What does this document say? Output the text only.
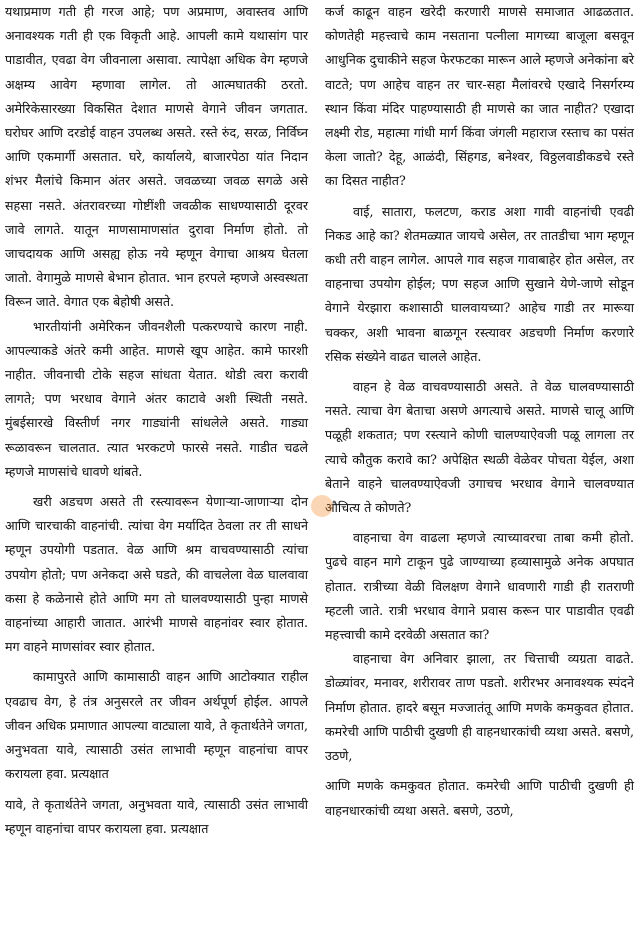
यथाप्रमाण गती ही गरज आहे; पण अप्रमाण, अवास्तव आणि अनावश्यक गती ही एक विकृती आहे. आपली कामे यथासांग पार पाडावीत, एवढा वेग जीवनाला असावा. त्यापेक्षा अधिक वेग म्हणजे अक्षम्य आवेग म्हणावा लागेल. तो आत्मघातकी ठरतो. अमेरिकेसारख्या विकसित देशात माणसे वेगाने जीवन जगतात. घरोघर आणि दरडोई वाहन उपलब्ध असते. रस्ते रुंद, सरळ, निर्विघ्न आणि एकमार्गी असतात. घरे, कार्यालये, बाजारपेठा यांत निदान शंभर मैलांचे किमान अंतर असते. जवळच्या जवळ सगळे असे सहसा नसते. अंतरावरच्या गोष्टींशी जवळीक साधण्यासाठी दूरवर जावे लागते. यातून माणसामाणसांत दुरावा निर्माण होतो. तो जाचदायक आणि असह्य होऊ नये म्हणून वेगाचा आश्रय घेतला जातो. वेगामुळे माणसे बेभान होतात. भान हरपले म्हणजे अस्वस्थता विरून जाते. वेगात एक बेहोषी असते.

भारतीयांनी अमेरिकन जीवनशैली पत्करण्याचे कारण नाही. आपल्याकडे अंतरे कमी आहेत. माणसे खूप आहेत. कामे फारशी नाहीत. जीवनाची टोके सहज सांधता येतात. थोडी त्वरा करावी लागते; पण भरधाव वेगाने अंतर काटावे अशी स्थिती नसते. मुंबईसारखे विस्तीर्ण नगर गाड्यांनी सांधलेले असते. गाड्या रूळावरून चालतात. त्यात भरकटणे फारसे नसते. गाडीत चढले म्हणजे माणसांचे धावणे थांबते.

खरी अडचण असते ती रस्त्यावरून येणाऱ्या-जाणाऱ्या दोन आणि चारचाकी वाहनांची. त्यांचा वेग मर्यादित ठेवला तर ती साधने म्हणून उपयोगी पडतात. वेळ आणि श्रम वाचवण्यासाठी त्यांचा उपयोग होतो; पण अनेकदा असे घडते, की वाचलेला वेळ घालवावा कसा हे कळेनासे होते आणि मग तो घालवण्यासाठी पुन्हा माणसे वाहनांच्या आहारी जातात. आरंभी माणसे वाहनांवर स्वार होतात. मग वाहने माणसांवर स्वार होतात.

कामापुरते आणि कामासाठी वाहन आणि आटोक्यात राहील एवढाच वेग, हे तंत्र अनुसरले तर जीवन अर्थपूर्ण होईल. आपले जीवन अधिक प्रमाणात आपल्या वाट्याला यावे, ते कृतार्थतेने जगता, अनुभवता यावे, त्यासाठी उसंत लाभावी म्हणून वाहनांचा वापर करायला हवा. प्रत्यक्षात

यावे, ते कृतार्थतेने जगता, अनुभवता यावे, त्यासाठी उसंत लाभावी म्हणून वाहनांचा वापर करायला हवा. प्रत्यक्षात

कर्ज काढून वाहन खरेदी करणारी माणसे समाजात आढळतात. कोणतेही महत्त्वाचे काम नसताना पत्नीला मागच्या बाजूला बसवून आधुनिक दुचाकीने सहज फेरफटका मारून आले म्हणजे अनेकांना बरे वाटते; पण आहेच वाहन तर चार-सहा मैलांवरचे एखादे निसर्गरम्य स्थान किंवा मंदिर पाहण्यासाठी ही माणसे का जात नाहीत? एखादा लक्ष्मी रोड, महात्मा गांधी मार्ग किंवा जंगली महाराज रस्ताच का पसंत केला जातो? देहू, आळंदी, सिंहगड, बनेश्वर, विठ्ठलवाडीकडचे रस्ते का दिसत नाहीत?

वाई, सातारा, फलटण, कराड अशा गावी वाहनांची एवढी निकड आहे का? शेतमळ्यात जायचे असेल, तर तातडीचा भाग म्हणून कधी तरी वाहन लागेल. आपले गाव सहज गावाबाहेर होत असेल, तर वाहनाचा उपयोग होईल; पण सहज आणि सुखाने येणे-जाणे सोडून वेगाने येरझारा कशासाठी घालवायच्या? आहेच गाडी तर मारूया चक्कर, अशी भावना बाळगून रस्त्यावर अडचणी निर्माण करणारे रसिक संख्येने वाढत चालले आहेत.

वाहन हे वेळ वाचवण्यासाठी असते. ते वेळ घालवण्यासाठी नसते. त्याचा वेग बेताचा असणे अगत्याचे असते. माणसे चालू आणि पळूही शकतात; पण रस्त्याने कोणी चालण्याऐवजी पळू लागला तर त्याचे कौतुक करावे का? अपेक्षित स्थळी वेळेवर पोचता येईल, अशा बेताने वाहने चालवण्याऐवजी उगाचच भरधाव वेगाने चालवण्यात औचित्य ते कोणते?

वाहनाचा वेग वाढला म्हणजे त्याच्यावरचा ताबा कमी होतो. पुढचे वाहन मागे टाकून पुढे जाण्याच्या हव्यासामुळे अनेक अपघात होतात. रात्रीच्या वेळी विलक्षण वेगाने धावणारी गाडी ही रातराणी म्हटली जाते. रात्री भरधाव वेगाने प्रवास करून पार पाडावीत एवढी महत्त्वाची कामे दरवेळी असतात का?

वाहनाचा वेग अनिवार झाला, तर चित्ताची व्यग्रता वाढते. डोळ्यांवर, मनावर, शरीरावर ताण पडतो. शरीरभर अनावश्यक स्पंदने निर्माण होतात. हादरे बसून मज्जातंतू आणि मणके कमकुवत होतात. कमरेची आणि पाठीची दुखणी ही वाहनधारकांची व्यथा असते. बसणे, उठणे,

आणि मणके कमकुवत होतात. कमरेची आणि पाठीची दुखणी ही वाहनधारकांची व्यथा असते. बसणे, उठणे,
